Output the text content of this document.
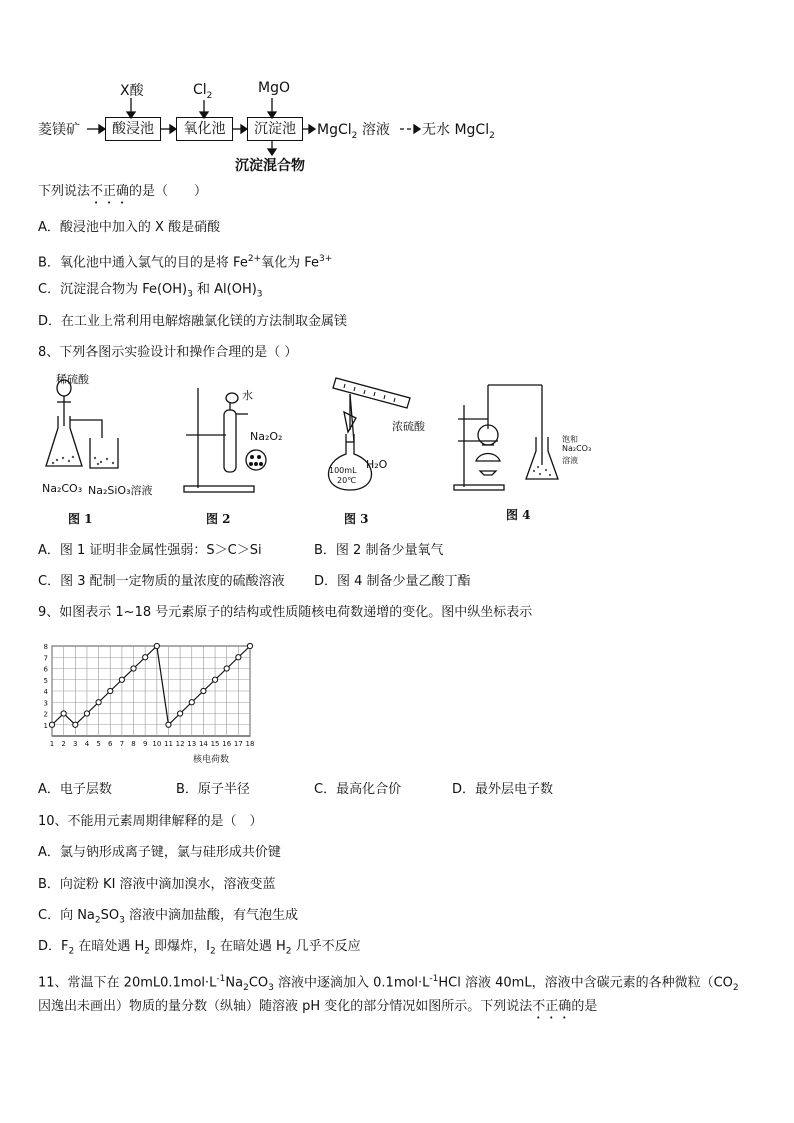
X酸	$Cl_2$	MgO
菱镁矿	酸浸池	氧化池	沉淀池	MgCl$_2$ 溶液 无水 MgCl$_2$
沉淀混合物
下列说法不正确的是（　　）
A．酸浸池中加入的 X 酸是硝酸
B．氧化池中通入氯气的目的是将 $Fe^{2+}$氧化为 $Fe^{3+}$
C．沉淀混合物为 $Fe(OH)_3$ 和 $Al(OH)_3$
D．在工业上常利用电解熔融氯化镁的方法制取金属镁
8、下列各图示实验设计和操作合理的是（ ）
稀硫酸
Na₂CO₃ Na₂SiO₃溶液
图 1
水
Na₂O₂
图 2
浓硫酸
H₂O
100mL
20℃
图 3
饱和
Na₂CO₃
溶液
图 4
A．图 1 证明非金属性强弱：S＞C＞Si	B．图 2 制备少量氧气
C．图 3 配制一定物质的量浓度的硫酸溶液 D．图 4 制备少量乙酸丁酯
9、如图表示 1~18 号元素原子的结构或性质随核电荷数递增的变化。图中纵坐标表示
1
2
3
4
5
6
7
8
1 2 3 4 5 6 7 8 9 10 11 12 13 14 15 16 17 18
核电荷数
A．电子层数	B．原子半径	C．最高化合价	D．最外层电子数
10、不能用元素周期律解释的是（　）
A．氯与钠形成离子键，氯与硅形成共价键
B．向淀粉 KI 溶液中滴加溴水，溶液变蓝
C．向 $Na_2SO_3$ 溶液中滴加盐酸，有气泡生成
D．$F_2$ 在暗处遇 $H_2$ 即爆炸，$I_2$ 在暗处遇 $H_2$ 几乎不反应
11、常温下在 $20mL0.1mol\cdot L^{-1}Na_2CO_3$ 溶液中逐滴加入 $0.1mol\cdot L^{-1}HCl$ 溶液 40mL，溶液中含碳元素的各种微粒（$CO_2$
因逸出未画出）物质的量分数（纵轴）随溶液 pH 变化的部分情况如图所示。下列说法不正确的是
